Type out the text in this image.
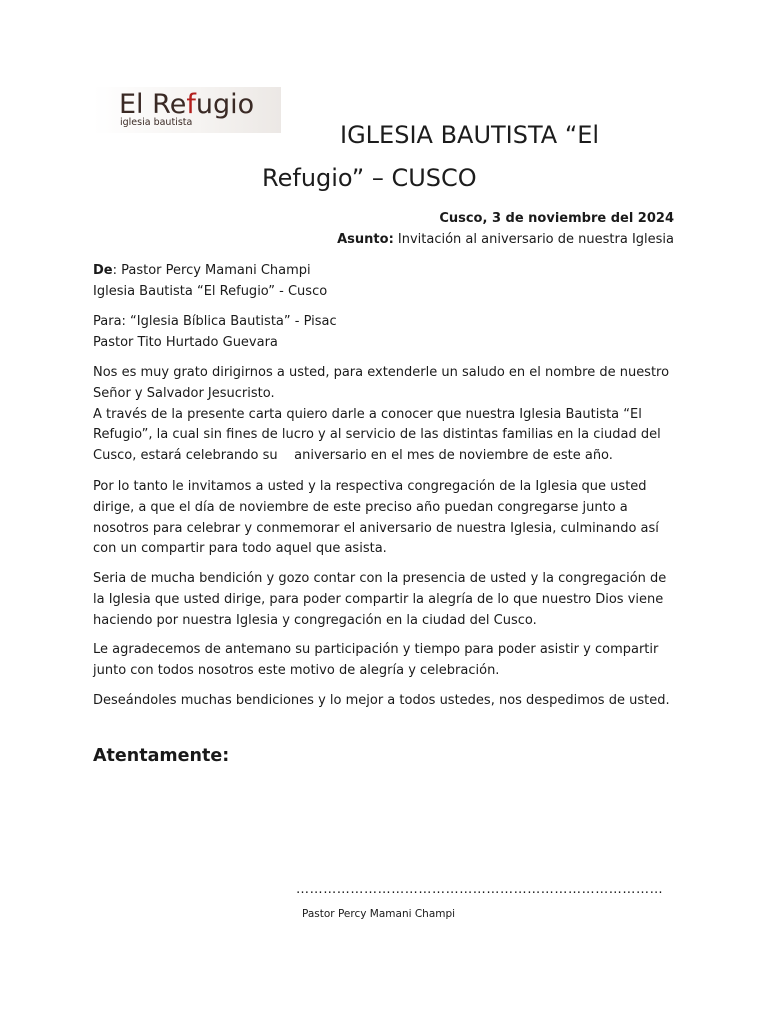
El Refugio
iglesia bautista	IGLESIA BAUTISTA “El Refugio” – CUSCO
Cusco, 3 de noviembre del 2024
Asunto: Invitación al aniversario de nuestra Iglesia

De: Pastor Percy Mamani Champi

Iglesia Bautista “El Refugio” - Cusco

Para: “Iglesia Bíblica Bautista” - Pisac

Pastor Tito Hurtado Guevara

Nos es muy grato dirigirnos a usted, para extenderle un saludo en el nombre de nuestro Señor y Salvador Jesucristo.

A través de la presente carta quiero darle a conocer que nuestra Iglesia Bautista “El Refugio”, la cual sin fines de lucro y al servicio de las distintas familias en la ciudad del Cusco, estará celebrando su    aniversario en el mes de noviembre de este año.

Por lo tanto le invitamos a usted y la respectiva congregación de la Iglesia que usted dirige, a que el día de noviembre de este preciso año puedan congregarse junto a nosotros para celebrar y conmemorar el aniversario de nuestra Iglesia, culminando así con un compartir para todo aquel que asista.

Seria de mucha bendición y gozo contar con la presencia de usted y la congregación de la Iglesia que usted dirige, para poder compartir la alegría de lo que nuestro Dios viene haciendo por nuestra Iglesia y congregación en la ciudad del Cusco.

Le agradecemos de antemano su participación y tiempo para poder asistir y compartir junto con todos nosotros este motivo de alegría y celebración.

Deseándoles muchas bendiciones y lo mejor a todos ustedes, nos despedimos de usted.

Atentamente:

………………………………………………………………………
Pastor Percy Mamani Champi
